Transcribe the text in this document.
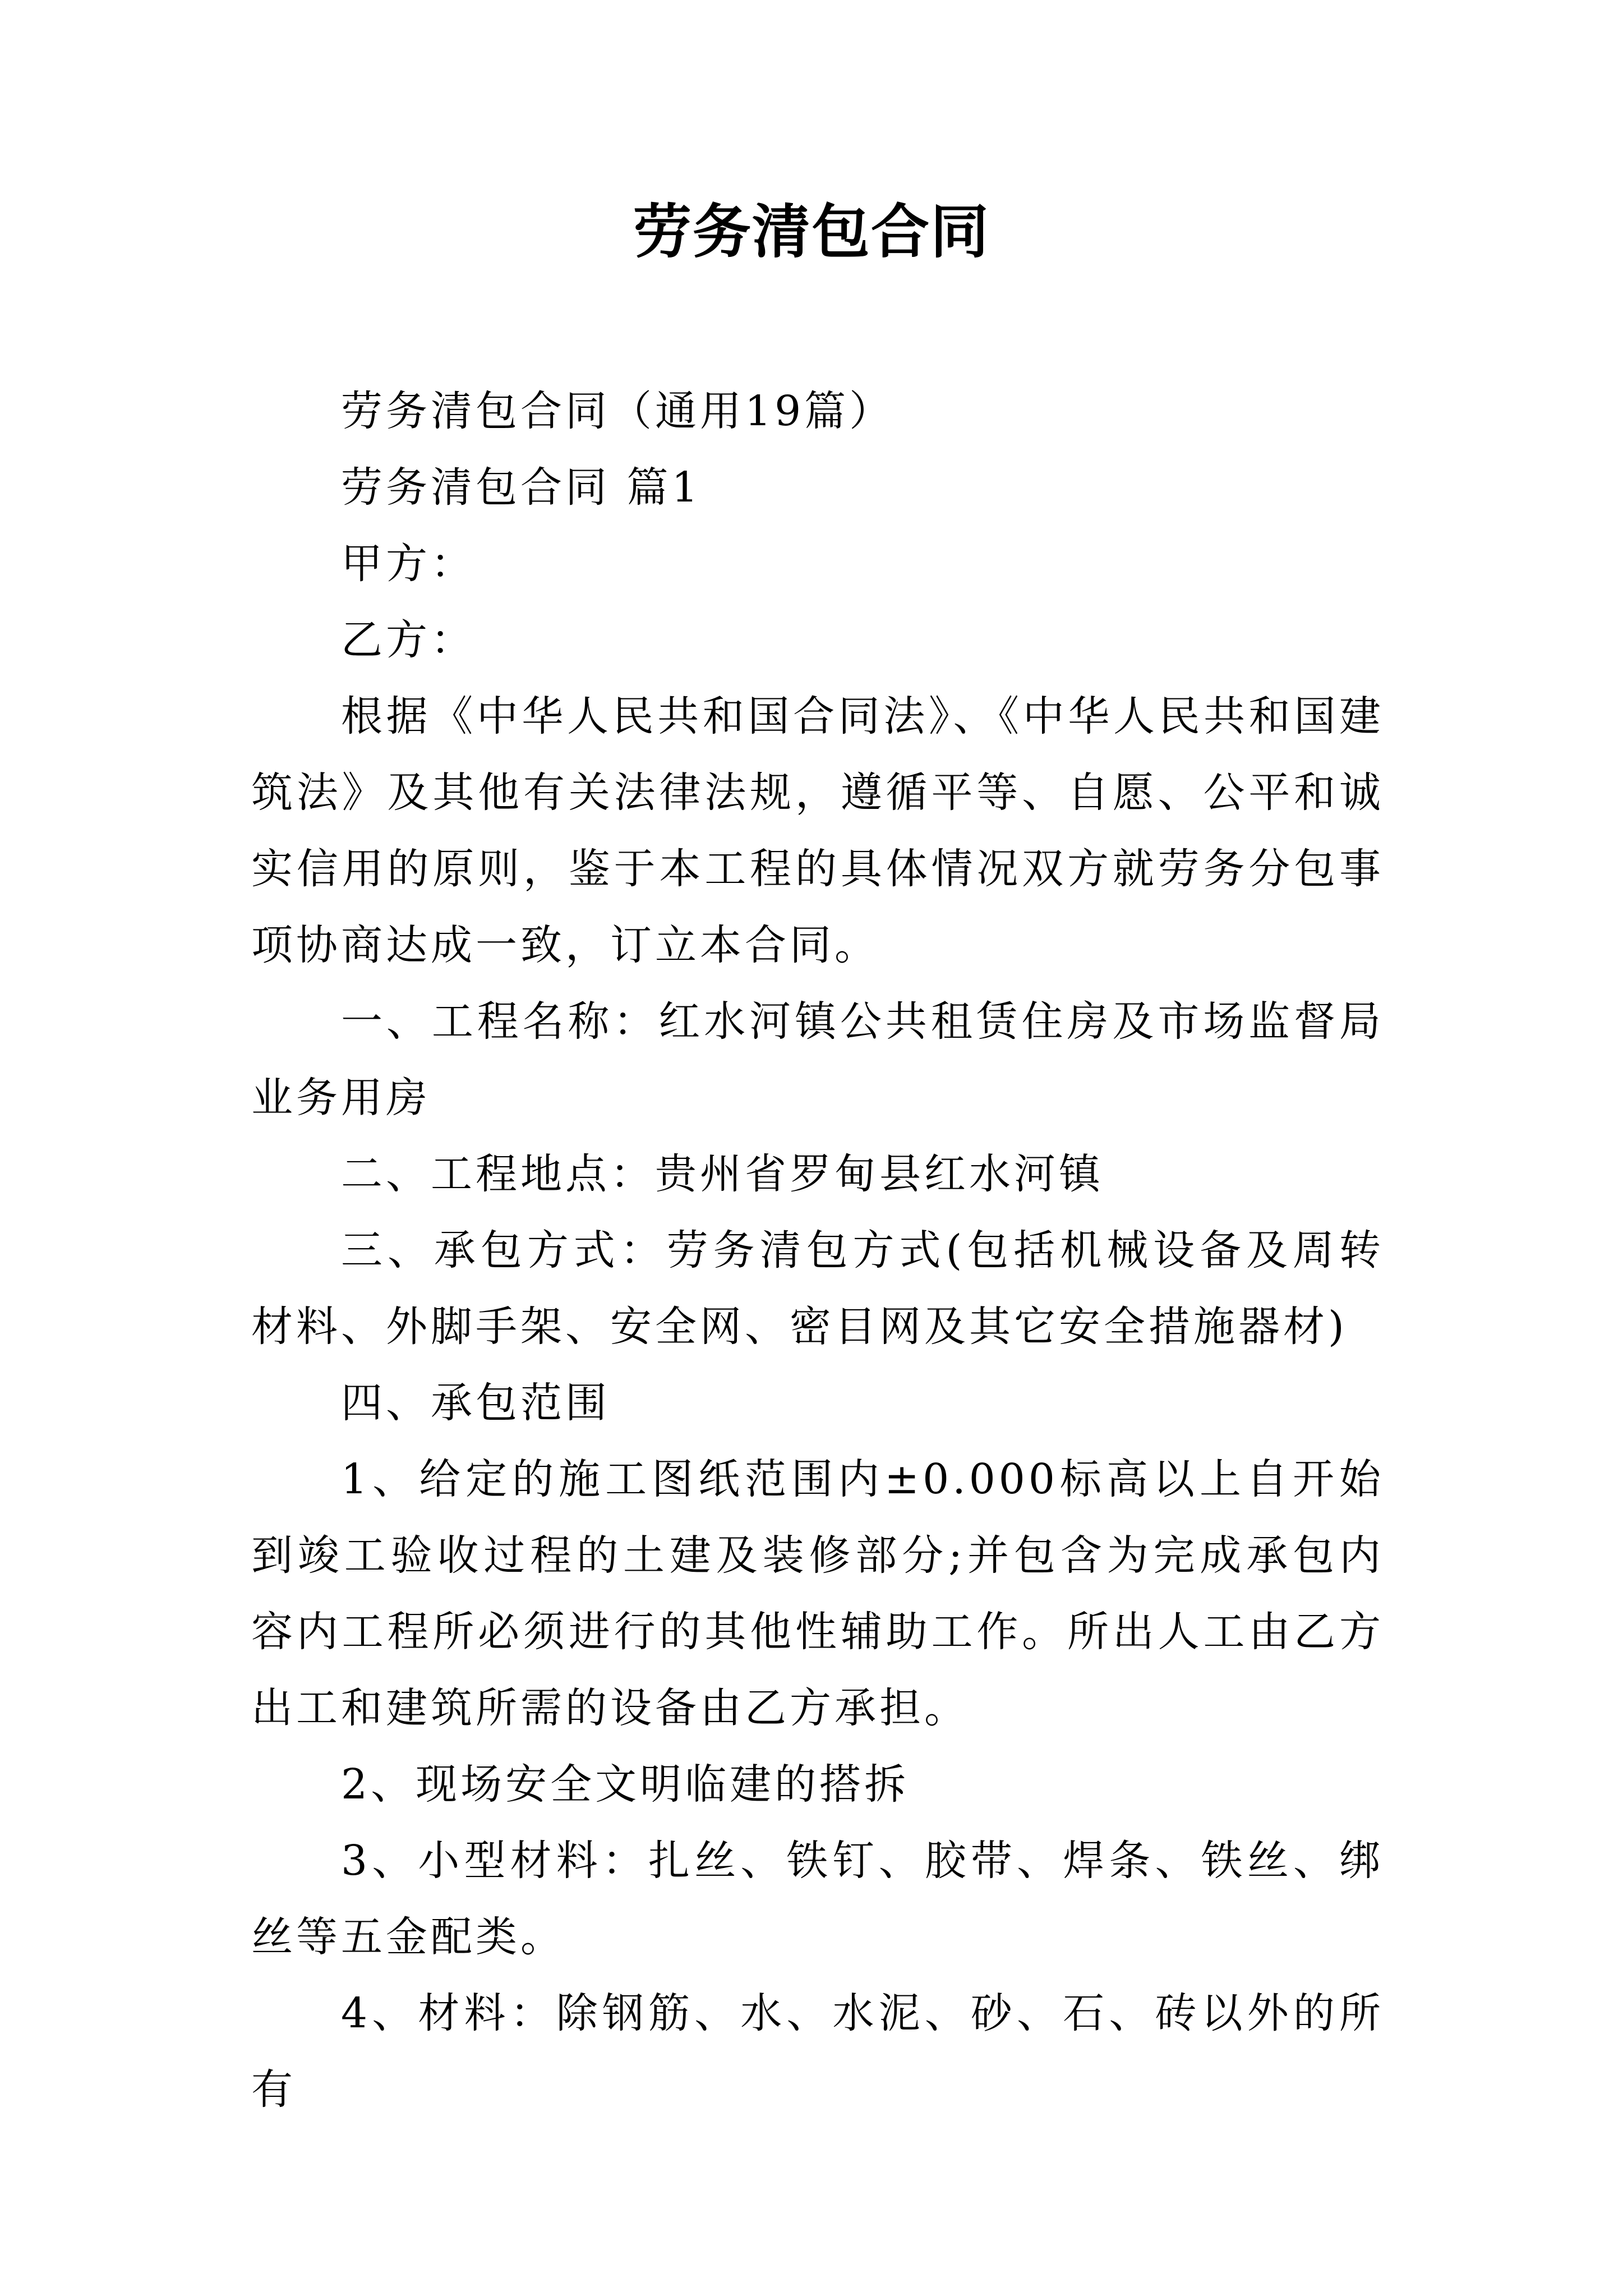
劳务清包合同

劳务清包合同（通用19篇）

劳务清包合同 篇1

甲方：

乙方：

根据《中华人民共和国合同法》、《中华人民共和国建筑法》及其他有关法律法规，遵循平等、自愿、公平和诚实信用的原则，鉴于本工程的具体情况双方就劳务分包事项协商达成一致，订立本合同。

一、工程名称：红水河镇公共租赁住房及市场监督局业务用房

二、工程地点：贵州省罗甸县红水河镇

三、承包方式：劳务清包方式(包括机械设备及周转材料、外脚手架、安全网、密目网及其它安全措施器材)

四、承包范围

1、给定的施工图纸范围内±0.000标高以上自开始到竣工验收过程的土建及装修部分;并包含为完成承包内容内工程所必须进行的其他性辅助工作。所出人工由乙方出工和建筑所需的设备由乙方承担。

2、现场安全文明临建的搭拆

3、小型材料：扎丝、铁钉、胶带、焊条、铁丝、绑丝等五金配类。

4、材料：除钢筋、水、水泥、砂、石、砖以外的所有
